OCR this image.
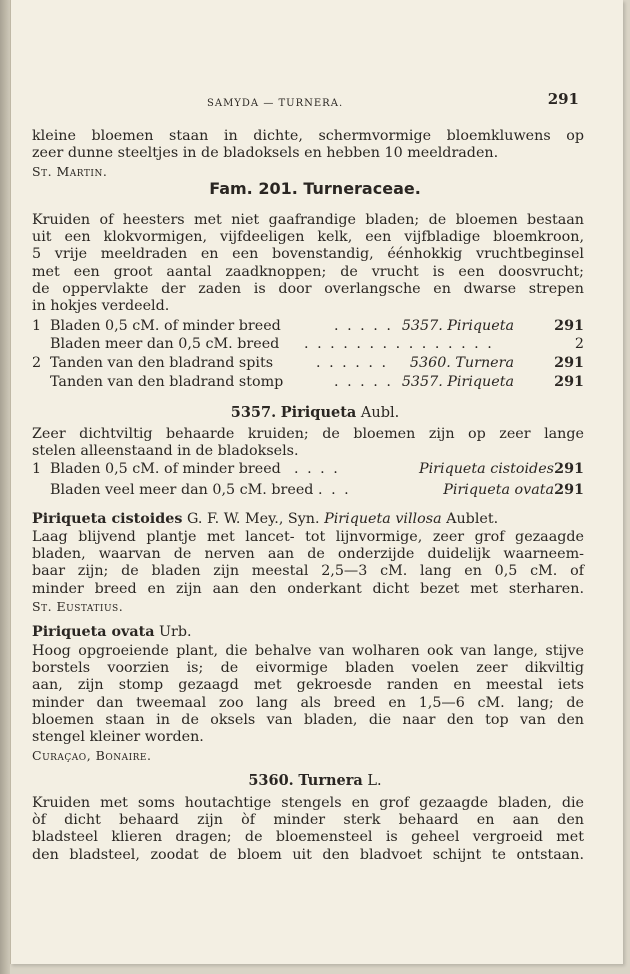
SAMYDA — TURNERA.	291
kleine bloemen staan in dichte, schermvormige bloemkluwens op
zeer dunne steeltjes in de bladoksels en hebben 10 meeldraden.
St. Martin.
Fam. 201. Turneraceae.
Kruiden of heesters met niet gaafrandige bladen; de bloemen bestaan
uit een klokvormigen, vijfdeeligen kelk, een vijfbladige bloemkroon,
5 vrije meeldraden en een bovenstandig, éénhokkig vruchtbeginsel
met een groot aantal zaadknoppen; de vrucht is een doosvrucht;
de oppervlakte der zaden is door overlangsche en dwarse strepen
in hokjes verdeeld.
1 Bladen 0,5 cM. of minder breed	. . . . . 5357. Piriqueta	291
Bladen meer dan 0,5 cM. breed . . . . . . . . . . . . . . .	2
2 Tanden van den bladrand spits	. . . . . . 5360. Turnera	291
Tanden van den bladrand stomp	. . . . . 5357. Piriqueta	291
5357. Piriqueta Aubl.
Zeer dichtviltig behaarde kruiden; de bloemen zijn op zeer lange
stelen alleenstaand in de bladoksels.
1 Bladen 0,5 cM. of minder breed . . . .	Piriqueta cistoides 291
Bladen veel meer dan 0,5 cM. breed . . .	Piriqueta ovata 291
Piriqueta cistoides G. F. W. Mey., Syn. Piriqueta villosa Aublet.
Laag blijvend plantje met lancet- tot lijnvormige, zeer grof gezaagde
bladen, waarvan de nerven aan de onderzijde duidelijk waarneem-
baar zijn; de bladen zijn meestal 2,5—3 cM. lang en 0,5 cM. of
minder breed en zijn aan den onderkant dicht bezet met sterharen.
St. Eustatius.
Piriqueta ovata Urb.
Hoog opgroeiende plant, die behalve van wolharen ook van lange, stijve
borstels voorzien is; de eivormige bladen voelen zeer dikviltig
aan, zijn stomp gezaagd met gekroesde randen en meestal iets
minder dan tweemaal zoo lang als breed en 1,5—6 cM. lang; de
bloemen staan in de oksels van bladen, die naar den top van den
stengel kleiner worden.
Curaçao, Bonaire.
5360. Turnera L.
Kruiden met soms houtachtige stengels en grof gezaagde bladen, die
òf dicht behaard zijn òf minder sterk behaard en aan den
bladsteel klieren dragen; de bloemensteel is geheel vergroeid met
den bladsteel, zoodat de bloem uit den bladvoet schijnt te ontstaan.
